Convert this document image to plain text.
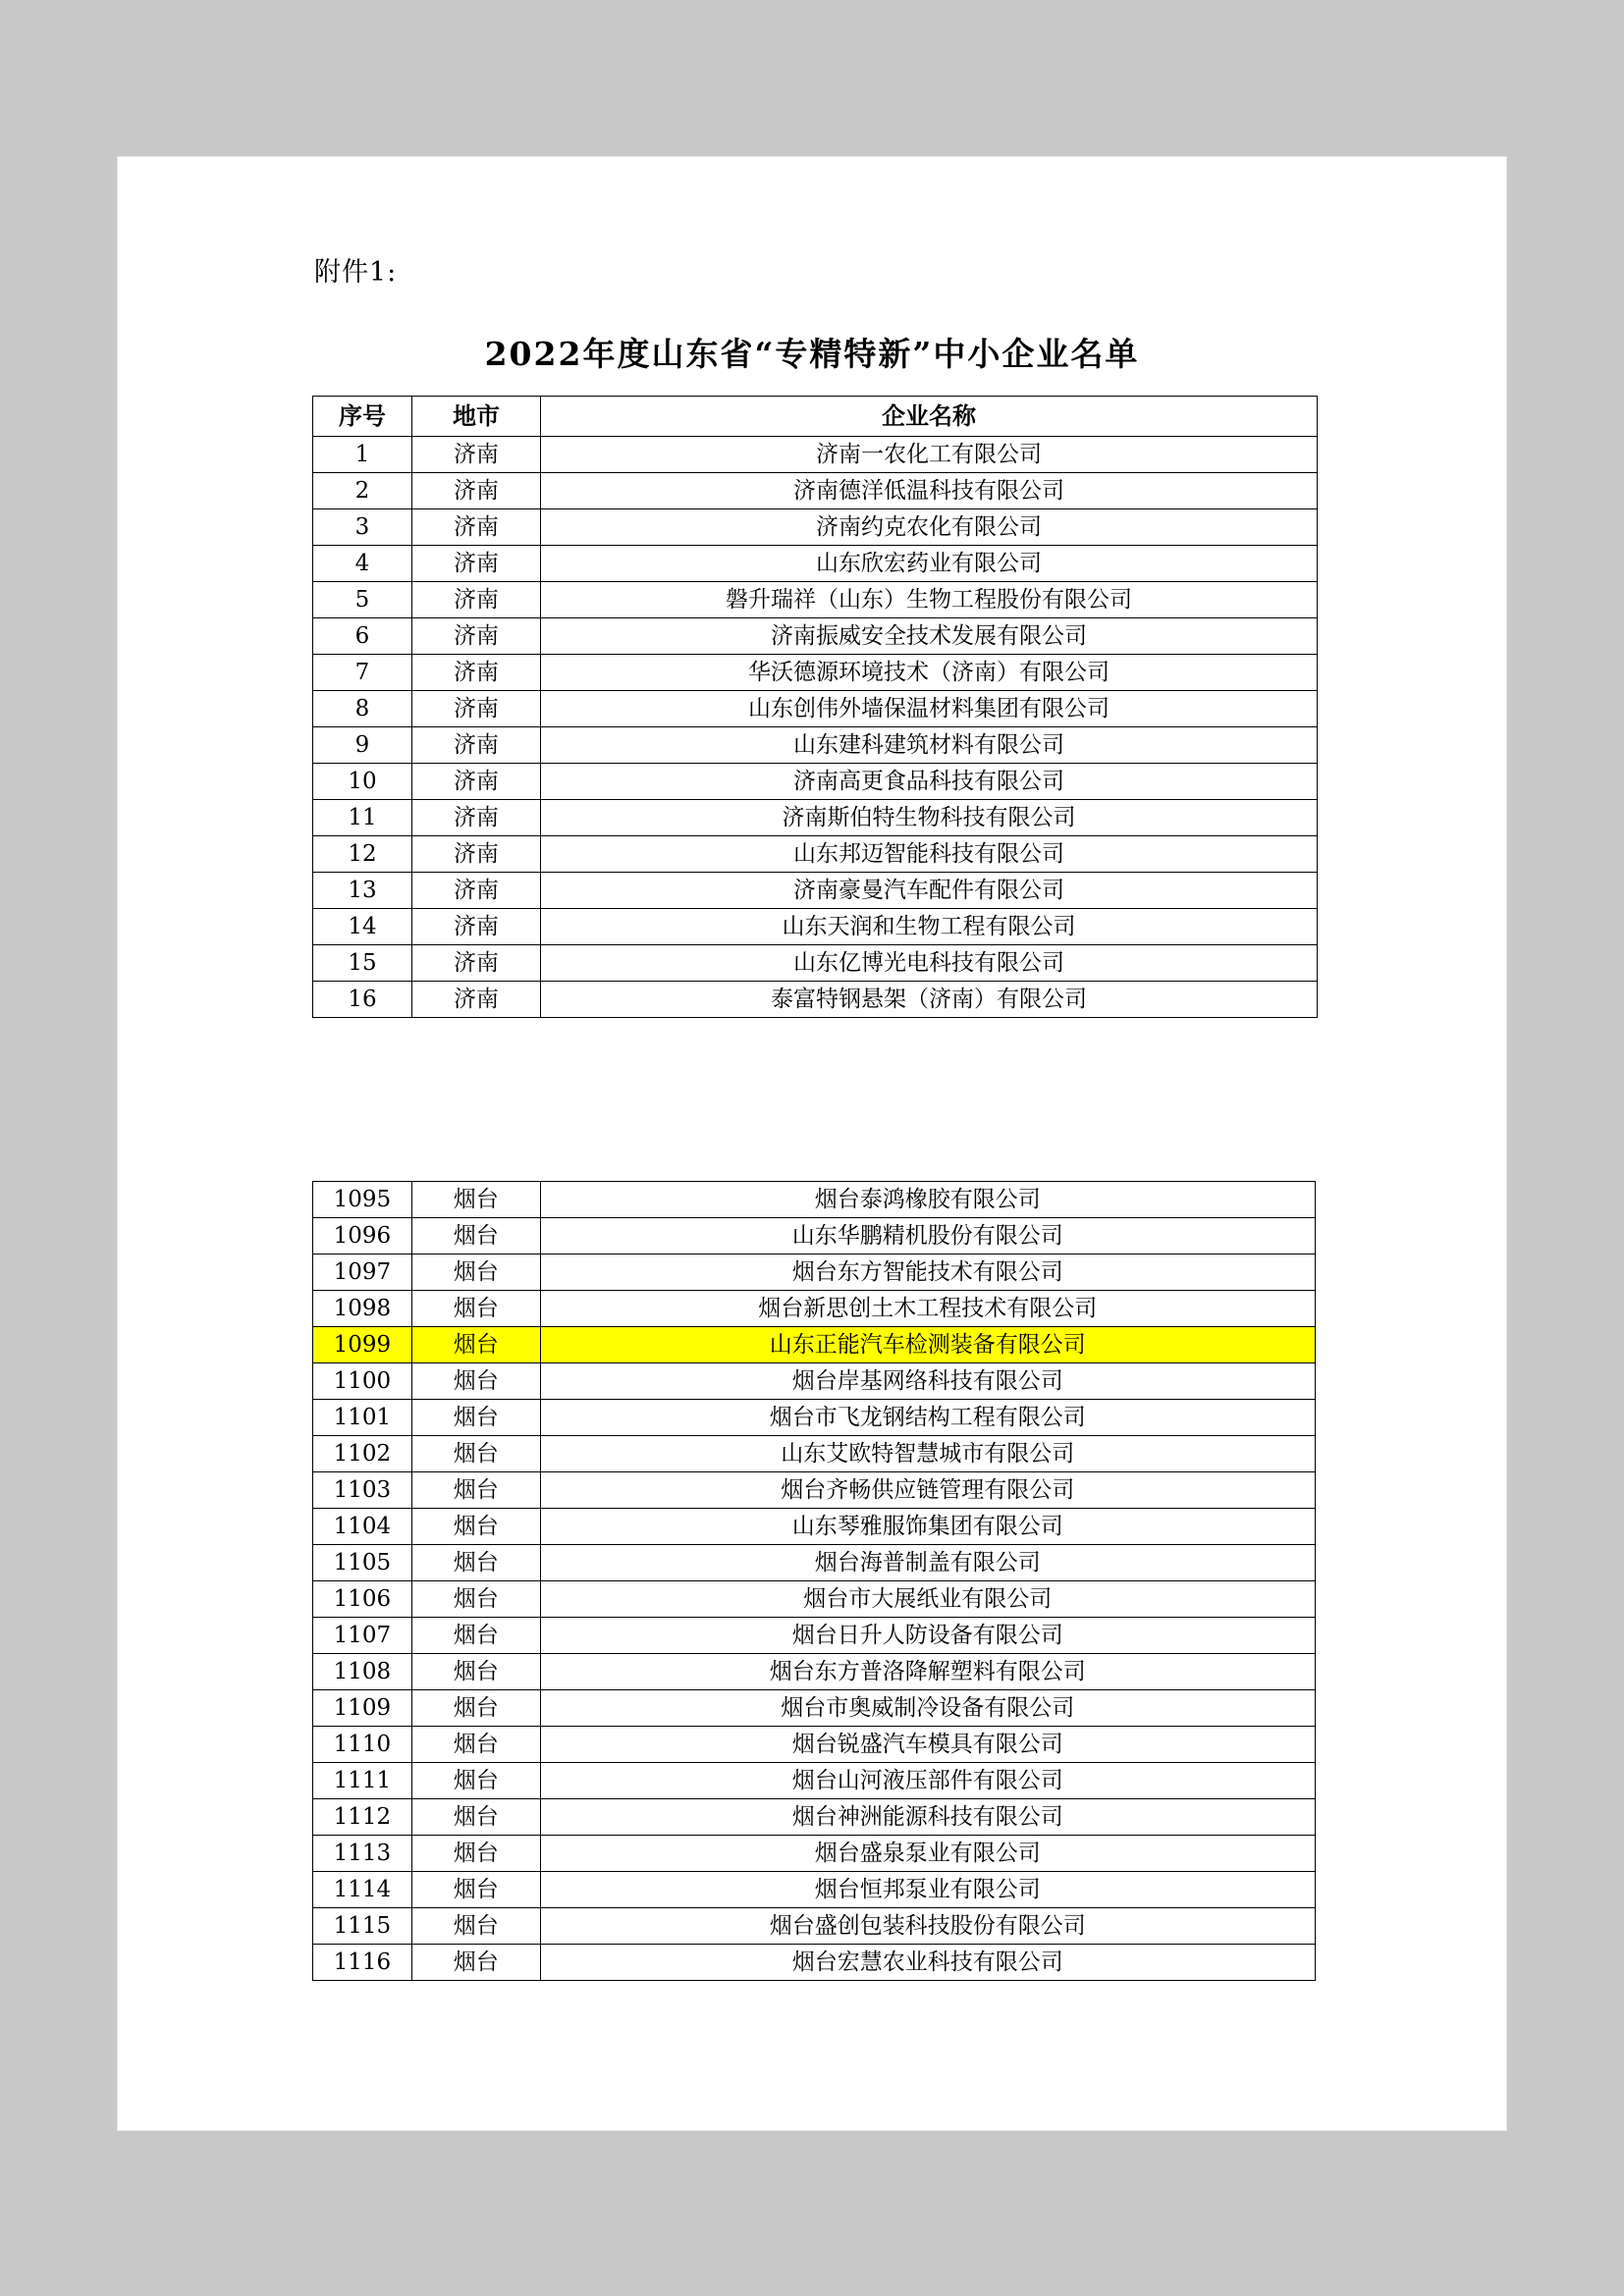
附件1:
2022年度山东省“专精特新”中小企业名单
序号	地市	企业名称
1	济南	济南一农化工有限公司
2	济南	济南德洋低温科技有限公司
3	济南	济南约克农化有限公司
4	济南	山东欣宏药业有限公司
5	济南	磐升瑞祥（山东）生物工程股份有限公司
6	济南	济南振威安全技术发展有限公司
7	济南	华沃德源环境技术（济南）有限公司
8	济南	山东创伟外墙保温材料集团有限公司
9	济南	山东建科建筑材料有限公司
10	济南	济南高更食品科技有限公司
11	济南	济南斯伯特生物科技有限公司
12	济南	山东邦迈智能科技有限公司
13	济南	济南豪曼汽车配件有限公司
14	济南	山东天润和生物工程有限公司
15	济南	山东亿博光电科技有限公司
16	济南	泰富特钢悬架（济南）有限公司
1095	烟台	烟台泰鸿橡胶有限公司
1096	烟台	山东华鹏精机股份有限公司
1097	烟台	烟台东方智能技术有限公司
1098	烟台	烟台新思创土木工程技术有限公司
1099	烟台	山东正能汽车检测装备有限公司
1100	烟台	烟台岸基网络科技有限公司
1101	烟台	烟台市飞龙钢结构工程有限公司
1102	烟台	山东艾欧特智慧城市有限公司
1103	烟台	烟台齐畅供应链管理有限公司
1104	烟台	山东琴雅服饰集团有限公司
1105	烟台	烟台海普制盖有限公司
1106	烟台	烟台市大展纸业有限公司
1107	烟台	烟台日升人防设备有限公司
1108	烟台	烟台东方普洛降解塑料有限公司
1109	烟台	烟台市奥威制冷设备有限公司
1110	烟台	烟台锐盛汽车模具有限公司
1111	烟台	烟台山河液压部件有限公司
1112	烟台	烟台神洲能源科技有限公司
1113	烟台	烟台盛泉泵业有限公司
1114	烟台	烟台恒邦泵业有限公司
1115	烟台	烟台盛创包装科技股份有限公司
1116	烟台	烟台宏慧农业科技有限公司
